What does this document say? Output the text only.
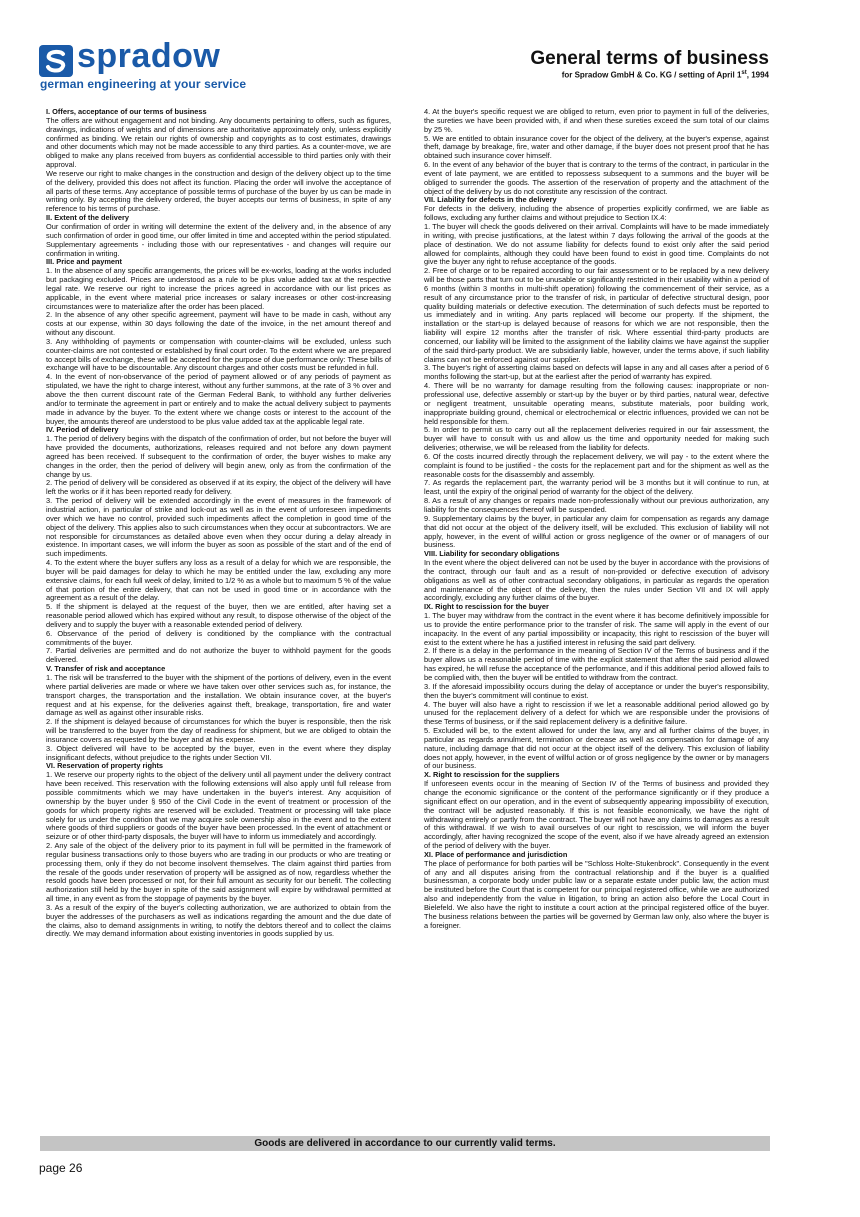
spradow
german engineering at your service
General terms of business
for Spradow GmbH & Co. KG / setting of April 1st, 1994
I. Offers, acceptance of our terms of business
The offers are without engagement and not binding. Any documents pertaining to offers, such as figures, drawings, indications of weights and of dimensions are authoritative approximately only, unless explicitly confirmed as binding. We retain our rights of ownership and copyrights as to cost estimates, drawings and other documents which may not be made accessible to any third parties. As a counter-move, we are obliged to make any plans received from buyers as confidential accessible to third parties only with their approval.
We reserve our right to make changes in the construction and design of the delivery object up to the time of the delivery, provided this does not affect its function. Placing the order will involve the acceptance of all parts of these terms. Any acceptance of possible terms of purchase of the buyer by us can be made in writing only. By accepting the delivery ordered, the buyer accepts our terms of business, in spite of any reference to his terms of purchase.
II. Extent of the delivery
Our confirmation of order in writing will determine the extent of the delivery and, in the absence of any such confirmation of order in good time, our offer limited in time and accepted within the period stipulated. Supplementary agreements - including those with our representatives - and changes will require our confirmation in writing.
III. Price and payment
1. In the absence of any specific arrangements, the prices will be ex-works, loading at the works included but packaging excluded. Prices are understood as a rule to be plus value added tax at the respective legal rate. We reserve our right to increase the prices agreed in accordance with our list prices as applicable, in the event where material price increases or salary increases or other cost-increasing circumstances were to materialize after the order has been placed.
2. In the absence of any other specific agreement, payment will have to be made in cash, without any costs at our expense, within 30 days following the date of the invoice, in the net amount thereof and without any discount.
3. Any withholding of payments or compensation with counter-claims will be excluded, unless such counter-claims are not contested or established by final court order. To the extent where we are prepared to accept bills of exchange, these will be accepted for the purpose of due performance only: These bills of exchange will have to be discountable. Any discount charges and other costs must be refunded in full.
4. In the event of non-observance of the period of payment allowed or of any periods of payment as stipulated, we have the right to charge interest, without any further summons, at the rate of 3 % over and above the then current discount rate of the German Federal Bank, to withhold any further deliveries and/or to terminate the agreement in part or entirely and to make the actual delivery subject to payments made in advance by the buyer. To the extent where we change costs or interest to the account of the buyer, the amounts thereof are understood to be plus value added tax at the applicable legal rate.
IV. Period of delivery
1. The period of delivery begins with the dispatch of the confirmation of order, but not before the buyer will have provided the documents, authorizations, releases required and not before any down payment agreed has been received. If subsequent to the confirmation of order, the buyer wishes to make any changes in the order, then the period of delivery will begin anew, only as from the confirmation of the change by us.
2. The period of delivery will be considered as observed if at its expiry, the object of the delivery will have left the works or if it has been reported ready for delivery.
3. The period of delivery will be extended accordingly in the event of measures in the framework of industrial action, in particular of strike and lock-out as well as in the event of unforeseen impediments over which we have no control, provided such impediments affect the completion in good time of the object of the delivery. This applies also to such circumstances when they occur at subcontractors. We are not responsible for circumstances as detailed above even when they occur during a delay already in existence. In important cases, we will inform the buyer as soon as possible of the start and of the end of such impediments.
4. To the extent where the buyer suffers any loss as a result of a delay for which we are responsible, the buyer will be paid damages for delay to which he may be entitled under the law, excluding any more extensive claims, for each full week of delay, limited to 1/2 % as a whole but to maximum 5 % of the value of that portion of the entire delivery, that can not be used in good time or in accordance with the agreement as a result of the delay.
5. If the shipment is delayed at the request of the buyer, then we are entitled, after having set a reasonable period allowed which has expired without any result, to dispose otherwise of the object of the delivery and to supply the buyer with a reasonable extended period of delivery.
6. Observance of the period of delivery is conditioned by the compliance with the contractual commitments of the buyer.
7. Partial deliveries are permitted and do not authorize the buyer to withhold payment for the goods delivered.
V. Transfer of risk and acceptance
1. The risk will be transferred to the buyer with the shipment of the portions of delivery, even in the event where partial deliveries are made or where we have taken over other services such as, for instance, the transport charges, the transportation and the installation. We obtain insurance cover, at the buyer's request and at his expense, for the deliveries against theft, breakage, transportation, fire and water damage as well as against other insurable risks.
2. If the shipment is delayed because of circumstances for which the buyer is responsible, then the risk will be transferred to the buyer from the day of readiness for shipment, but we are obliged to obtain the insurance covers as requested by the buyer and at his expense.
3. Object delivered will have to be accepted by the buyer, even in the event where they display insignificant defects, without prejudice to the rights under Section VII.
VI. Reservation of property rights
1. We reserve our property rights to the object of the delivery until all payment under the delivery contract have been received. This reservation with the following extensions will also apply until full release from possible commitments which we may have undertaken in the buyer's interest. Any acquisition of ownership by the buyer under § 950 of the Civil Code in the event of treatment or procession of the goods for which property rights are reserved will be excluded. Treatment or processing will take place solely for us under the condition that we may acquire sole ownership also in the event and to the extent where goods of third suppliers or goods of the buyer have been processed. In the event of attachment or seizure or of other third-party disposals, the buyer will have to inform us immediately and accordingly.
2. Any sale of the object of the delivery prior to its payment in full will be permitted in the framework of regular business transactions only to those buyers who are trading in our products or who are treating or processing them, only if they do not become insolvent themselves. The claim against third parties from the resale of the goods under reservation of property will be assigned as of now, regardless whether the resold goods have been processed or not, for their full amount as security for our benefit. The collecting authorization still held by the buyer in spite of the said assignment will expire by withdrawal permitted at all time, in any event as from the stoppage of payments by the buyer.
3. As a result of the expiry of the buyer's collecting authorization, we are authorized to obtain from the buyer the addresses of the purchasers as well as indications regarding the amount and the due date of the claims, also to demand assignments in writing, to notify the debtors thereof and to collect the claims directly. We may demand information about existing inventories in goods supplied by us.
4. At the buyer's specific request we are obliged to return, even prior to payment in full of the deliveries, the sureties we have been provided with, if and when these sureties exceed the sum total of our claims by 25 %.
5. We are entitled to obtain insurance cover for the object of the delivery, at the buyer's expense, against theft, damage by breakage, fire, water and other damage, if the buyer does not present proof that he has obtained such insurance cover himself.
6. In the event of any behavior of the buyer that is contrary to the terms of the contract, in particular in the event of late payment, we are entitled to repossess subsequent to a summons and the buyer will be obliged to surrender the goods. The assertion of the reservation of property and the attachment of the object of the delivery by us do not constitute any rescission of the contract.
VII. Liability for defects in the delivery
For defects in the delivery, including the absence of properties explicitly confirmed, we are liable as follows, excluding any further claims and without prejudice to Section IX.4:
1. The buyer will check the goods delivered on their arrival. Complaints will have to be made immediately in writing, with precise justifications, at the latest within 7 days following the arrival of the goods at the place of destination. We do not assume liability for defects found to exist only after the said period allowed for complaints, although they could have been found to exist in good time. Complaints do not give the buyer any right to refuse acceptance of the goods.
2. Free of charge or to be repaired according to our fair assessment or to be replaced by a new delivery will be those parts that turn out to be unusable or significantly restricted in their usability within a period of 6 months (within 3 months in multi-shift operation) following the commencement of their service, as a result of any circumstance prior to the transfer of risk, in particular of defective structural design, poor quality building materials or defective execution. The determination of such defects must be reported to us immediately and in writing. Any parts replaced will become our property. If the shipment, the installation or the start-up is delayed because of reasons for which we are not responsible, then the liability will expire 12 months after the transfer of risk. Where essential third-party products are concerned, our liability will be limited to the assignment of the liability claims we have against the supplier of the said third-party product. We are subsidiarily liable, however, under the terms above, if such liability claims can not be enforced against our supplier.
3. The buyer's right of asserting claims based on defects will lapse in any and all cases after a period of 6 months following the start-up, but at the earliest after the period of warranty has expired.
4. There will be no warranty for damage resulting from the following causes: inappropriate or non-professional use, defective assembly or start-up by the buyer or by third parties, natural wear, defective or negligent treatment, unsuitable operating means, substitute materials, poor building work, inappropriate building ground, chemical or electrochemical or electric influences, provided we can not be held responsible for them.
5. In order to permit us to carry out all the replacement deliveries required in our fair assessment, the buyer will have to consult with us and allow us the time and opportunity needed for making such deliveries; otherwise, we will be released from the liability for defects.
6. Of the costs incurred directly through the replacement delivery, we will pay - to the extent where the complaint is found to be justified - the costs for the replacement part and for the shipment as well as the reasonable costs for the disassembly and assembly.
7. As regards the replacement part, the warranty period will be 3 months but it will continue to run, at least, until the expiry of the original period of warranty for the object of the delivery.
8. As a result of any changes or repairs made non-professionally without our previous authorization, any liability for the consequences thereof will be suspended.
9. Supplementary claims by the buyer, in particular any claim for compensation as regards any damage that did not occur at the object of the delivery itself, will be excluded. This exclusion of liability will not apply, however, in the event of willful action or gross negligence of the owner or of managers of our business.
VIII. Liability for secondary obligations
In the event where the object delivered can not be used by the buyer in accordance with the provisions of the contract, through our fault and as a result of non-provided or defective execution of advisory obligations as well as of other contractual secondary obligations, in particular as regards the operation and maintenance of the object of the delivery, then the rules under Section VII and IX will apply accordingly, excluding any further claims of the buyer.
IX. Right to rescission for the buyer
1. The buyer may withdraw from the contract in the event where it has become definitively impossible for us to provide the entire performance prior to the transfer of risk. The same will apply in the event of our incapacity. In the event of any partial impossibility or incapacity, this right to rescission of the buyer will exist to the extent where he has a justified interest in refusing the said part delivery.
2. If there is a delay in the performance in the meaning of Section IV of the Terms of business and if the buyer allows us a reasonable period of time with the explicit statement that after the said period allowed has expired, he will refuse the acceptance of the performance, and if this additional period allowed fails to be complied with, then the buyer will be entitled to withdraw from the contract.
3. If the aforesaid impossibility occurs during the delay of acceptance or under the buyer's responsibility, then the buyer's commitment will continue to exist.
4. The buyer will also have a right to rescission if we let a reasonable additional period allowed go by unused for the replacement delivery of a defect for which we are responsible under the provisions of these Terms of business, or if the said replacement delivery is a definitive failure.
5. Excluded will be, to the extent allowed for under the law, any and all further claims of the buyer, in particular as regards annulment, termination or decrease as well as compensation for damage of any nature, including damage that did not occur at the object itself of the delivery. This exclusion of liability does not apply, however, in the event of willful action or of gross negligence by the owner or by managers of our business.
X. Right to rescission for the suppliers
If unforeseen events occur in the meaning of Section IV of the Terms of business and provided they change the economic significance or the content of the performance significantly or if they produce a significant effect on our operation, and in the event of subsequently appearing impossibility of execution, the contract will be adjusted reasonably. If this is not feasible economically, we have the right of withdrawing entirely or partly from the contract. The buyer will not have any claims to damages as a result of this withdrawal. If we wish to avail ourselves of our right to rescission, we will inform the buyer accordingly, after having recognized the scope of the event, also if we have already agreed an extension of the period of delivery with the buyer.
XI. Place of performance and jurisdiction
The place of performance for both parties will be "Schloss Holte-Stukenbrock". Consequently in the event of any and all disputes arising from the contractual relationship and if the buyer is a qualified businessman, a corporate body under public law or a separate estate under public law, the action must be instituted before the Court that is competent for our principal registered office, while we are authorized also and independently from the value in litigation, to bring an action also before the Local Court in Bielefeld. We also have the right to institute a court action at the principal registered office of the buyer. The business relations between the parties will be governed by German law only, also where the buyer is a foreigner.
Goods are delivered in accordance to our currently valid terms.
page 26
